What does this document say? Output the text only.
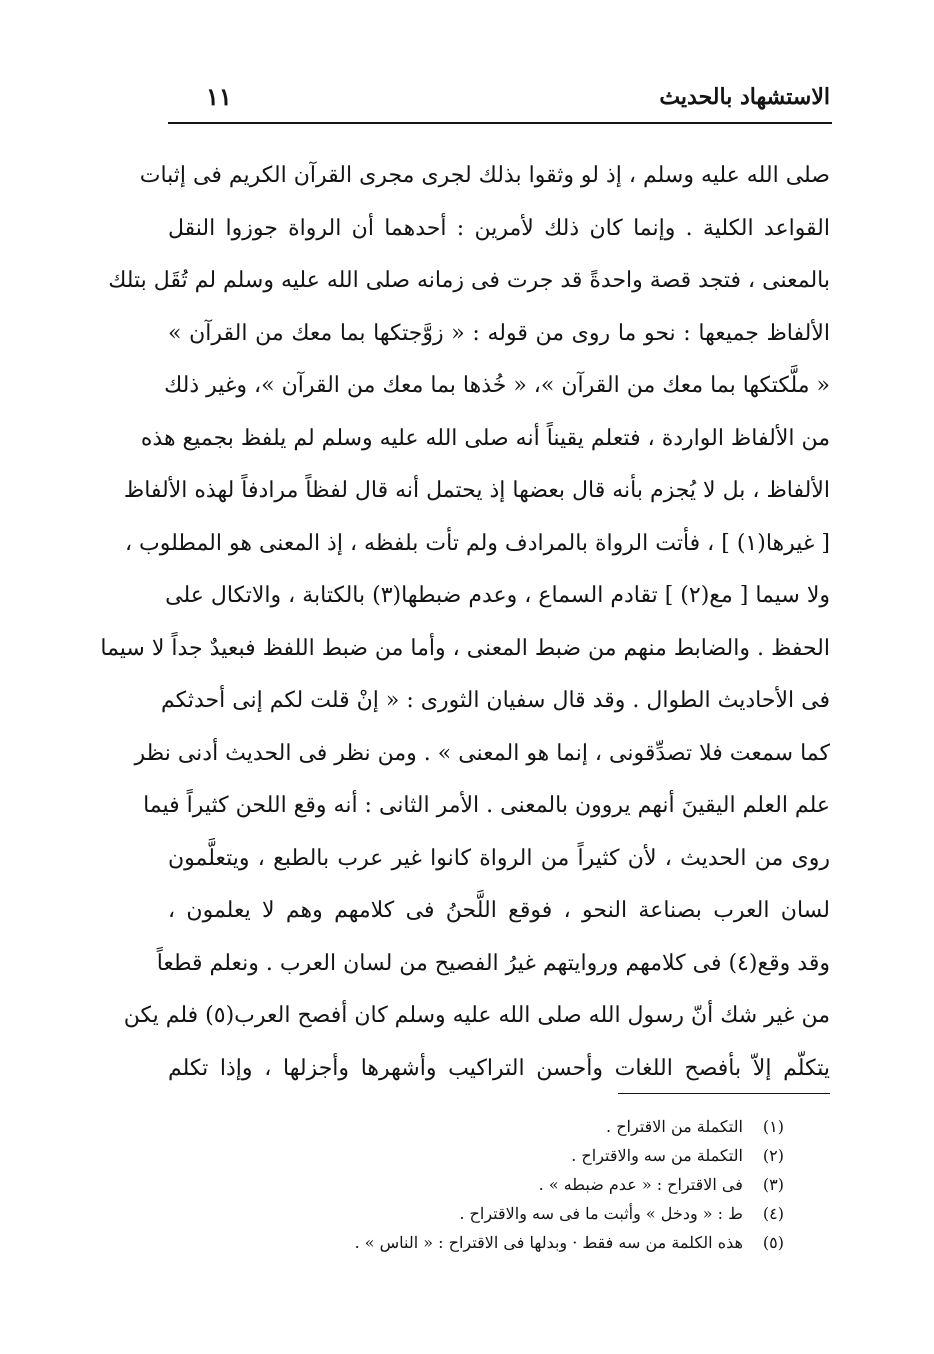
الاستشهاد بالحديث
١١
صلى الله عليه وسلم ، إذ لو وثقوا بذلك لجرى مجرى القرآن الكريم فى إثبات
القواعد الكلية . وإنما كان ذلك لأمرين : أحدهما أن الرواة جوزوا النقل
بالمعنى ، فتجد قصة واحدةً قد جرت فى زمانه صلى الله عليه وسلم لم تُقَل بتلك
الألفاظ جميعها : نحو ما روى من قوله : « زوَّجتكها بما معك من القرآن »
« ملَّكتكها بما معك من القرآن »، « خُذها بما معك من القرآن »، وغير ذلك
من الألفاظ الواردة ، فتعلم يقيناً أنه صلى الله عليه وسلم لم يلفظ بجميع هذه
الألفاظ ، بل لا يُجزم بأنه قال بعضها إذ يحتمل أنه قال لفظاً مرادفاً لهذه الألفاظ
[ غيرها(١) ] ، فأتت الرواة بالمرادف ولم تأت بلفظه ، إذ المعنى هو المطلوب ،
ولا سيما [ مع(٢) ] تقادم السماع ، وعدم ضبطها(٣) بالكتابة ، والاتكال على
الحفظ . والضابط منهم من ضبط المعنى ، وأما من ضبط اللفظ فبعيدٌ جداً لا سيما
فى الأحاديث الطوال . وقد قال سفيان الثورى : « إنْ قلت لكم إنى أحدثكم
كما سمعت فلا تصدِّقونى ، إنما هو المعنى » . ومن نظر فى الحديث أدنى نظر
علم العلم اليقينَ أنهم يروون بالمعنى . الأمر الثانى : أنه وقع اللحن كثيراً فيما
روى من الحديث ، لأن كثيراً من الرواة كانوا غير عرب بالطبع ، ويتعلَّمون
لسان العرب بصناعة النحو ، فوقع اللَّحنُ فى كلامهم وهم لا يعلمون ،
وقد وقع(٤) فى كلامهم وروايتهم غيرُ الفصيح من لسان العرب . ونعلم قطعاً
من غير شك أنّ رسول الله صلى الله عليه وسلم كان أفصح العرب(٥) فلم يكن
يتكلّم إلاّ بأفصح اللغات وأحسن التراكيب وأشهرها وأجزلها ، وإذا تكلم
(١) التكملة من الاقتراح .
(٢) التكملة من سه والاقتراح .
(٣) فى الاقتراح : « عدم ضبطه » .
(٤) ط : « ودخل » وأثبت ما فى سه والاقتراح .
(٥) هذه الكلمة من سه فقط · وبدلها فى الاقتراح : « الناس » .
